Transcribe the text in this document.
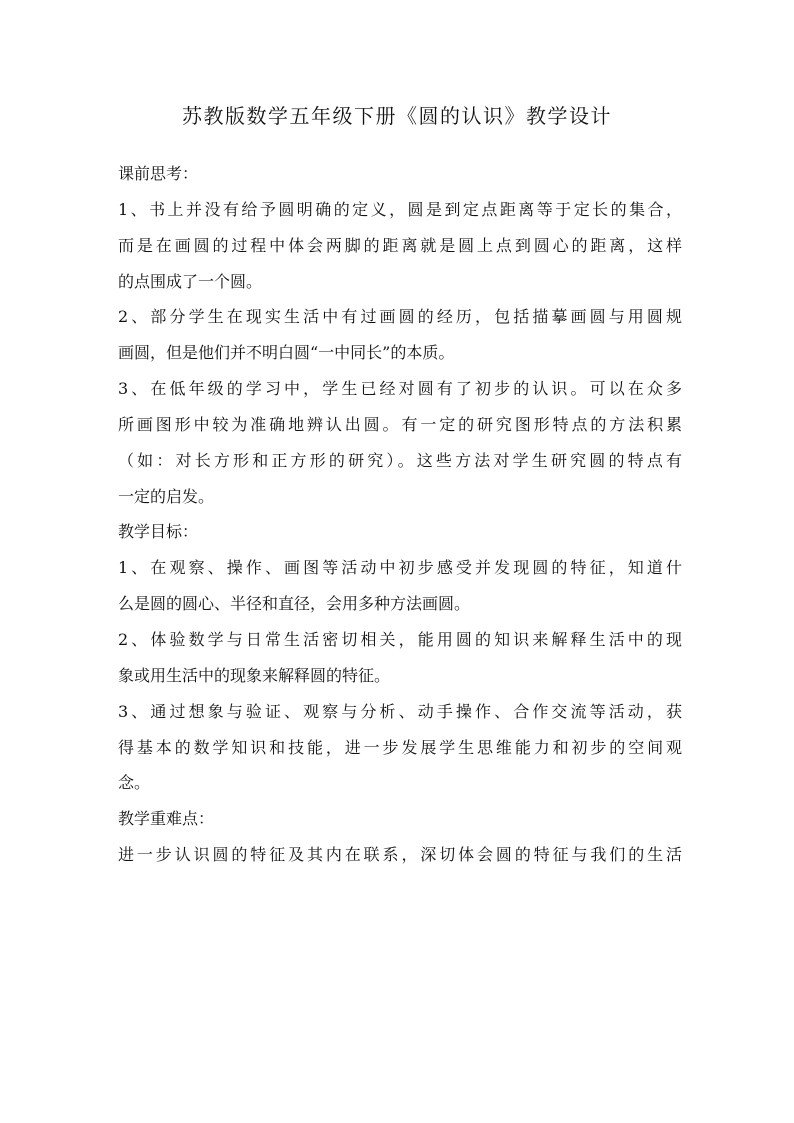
苏教版数学五年级下册《圆的认识》教学设计
课前思考：
1、书上并没有给予圆明确的定义，圆是到定点距离等于定长的集合，
而是在画圆的过程中体会两脚的距离就是圆上点到圆心的距离，这样
的点围成了一个圆。
2、部分学生在现实生活中有过画圆的经历，包括描摹画圆与用圆规
画圆，但是他们并不明白圆“一中同长”的本质。
3、在低年级的学习中，学生已经对圆有了初步的认识。可以在众多
所画图形中较为准确地辨认出圆。有一定的研究图形特点的方法积累
（如：对长方形和正方形的研究）。这些方法对学生研究圆的特点有
一定的启发。
教学目标：
1、在观察、操作、画图等活动中初步感受并发现圆的特征，知道什
么是圆的圆心、半径和直径，会用多种方法画圆。
2、体验数学与日常生活密切相关，能用圆的知识来解释生活中的现
象或用生活中的现象来解释圆的特征。
3、通过想象与验证、观察与分析、动手操作、合作交流等活动，获
得基本的数学知识和技能，进一步发展学生思维能力和初步的空间观
念。
教学重难点：
进一步认识圆的特征及其内在联系，深切体会圆的特征与我们的生活
